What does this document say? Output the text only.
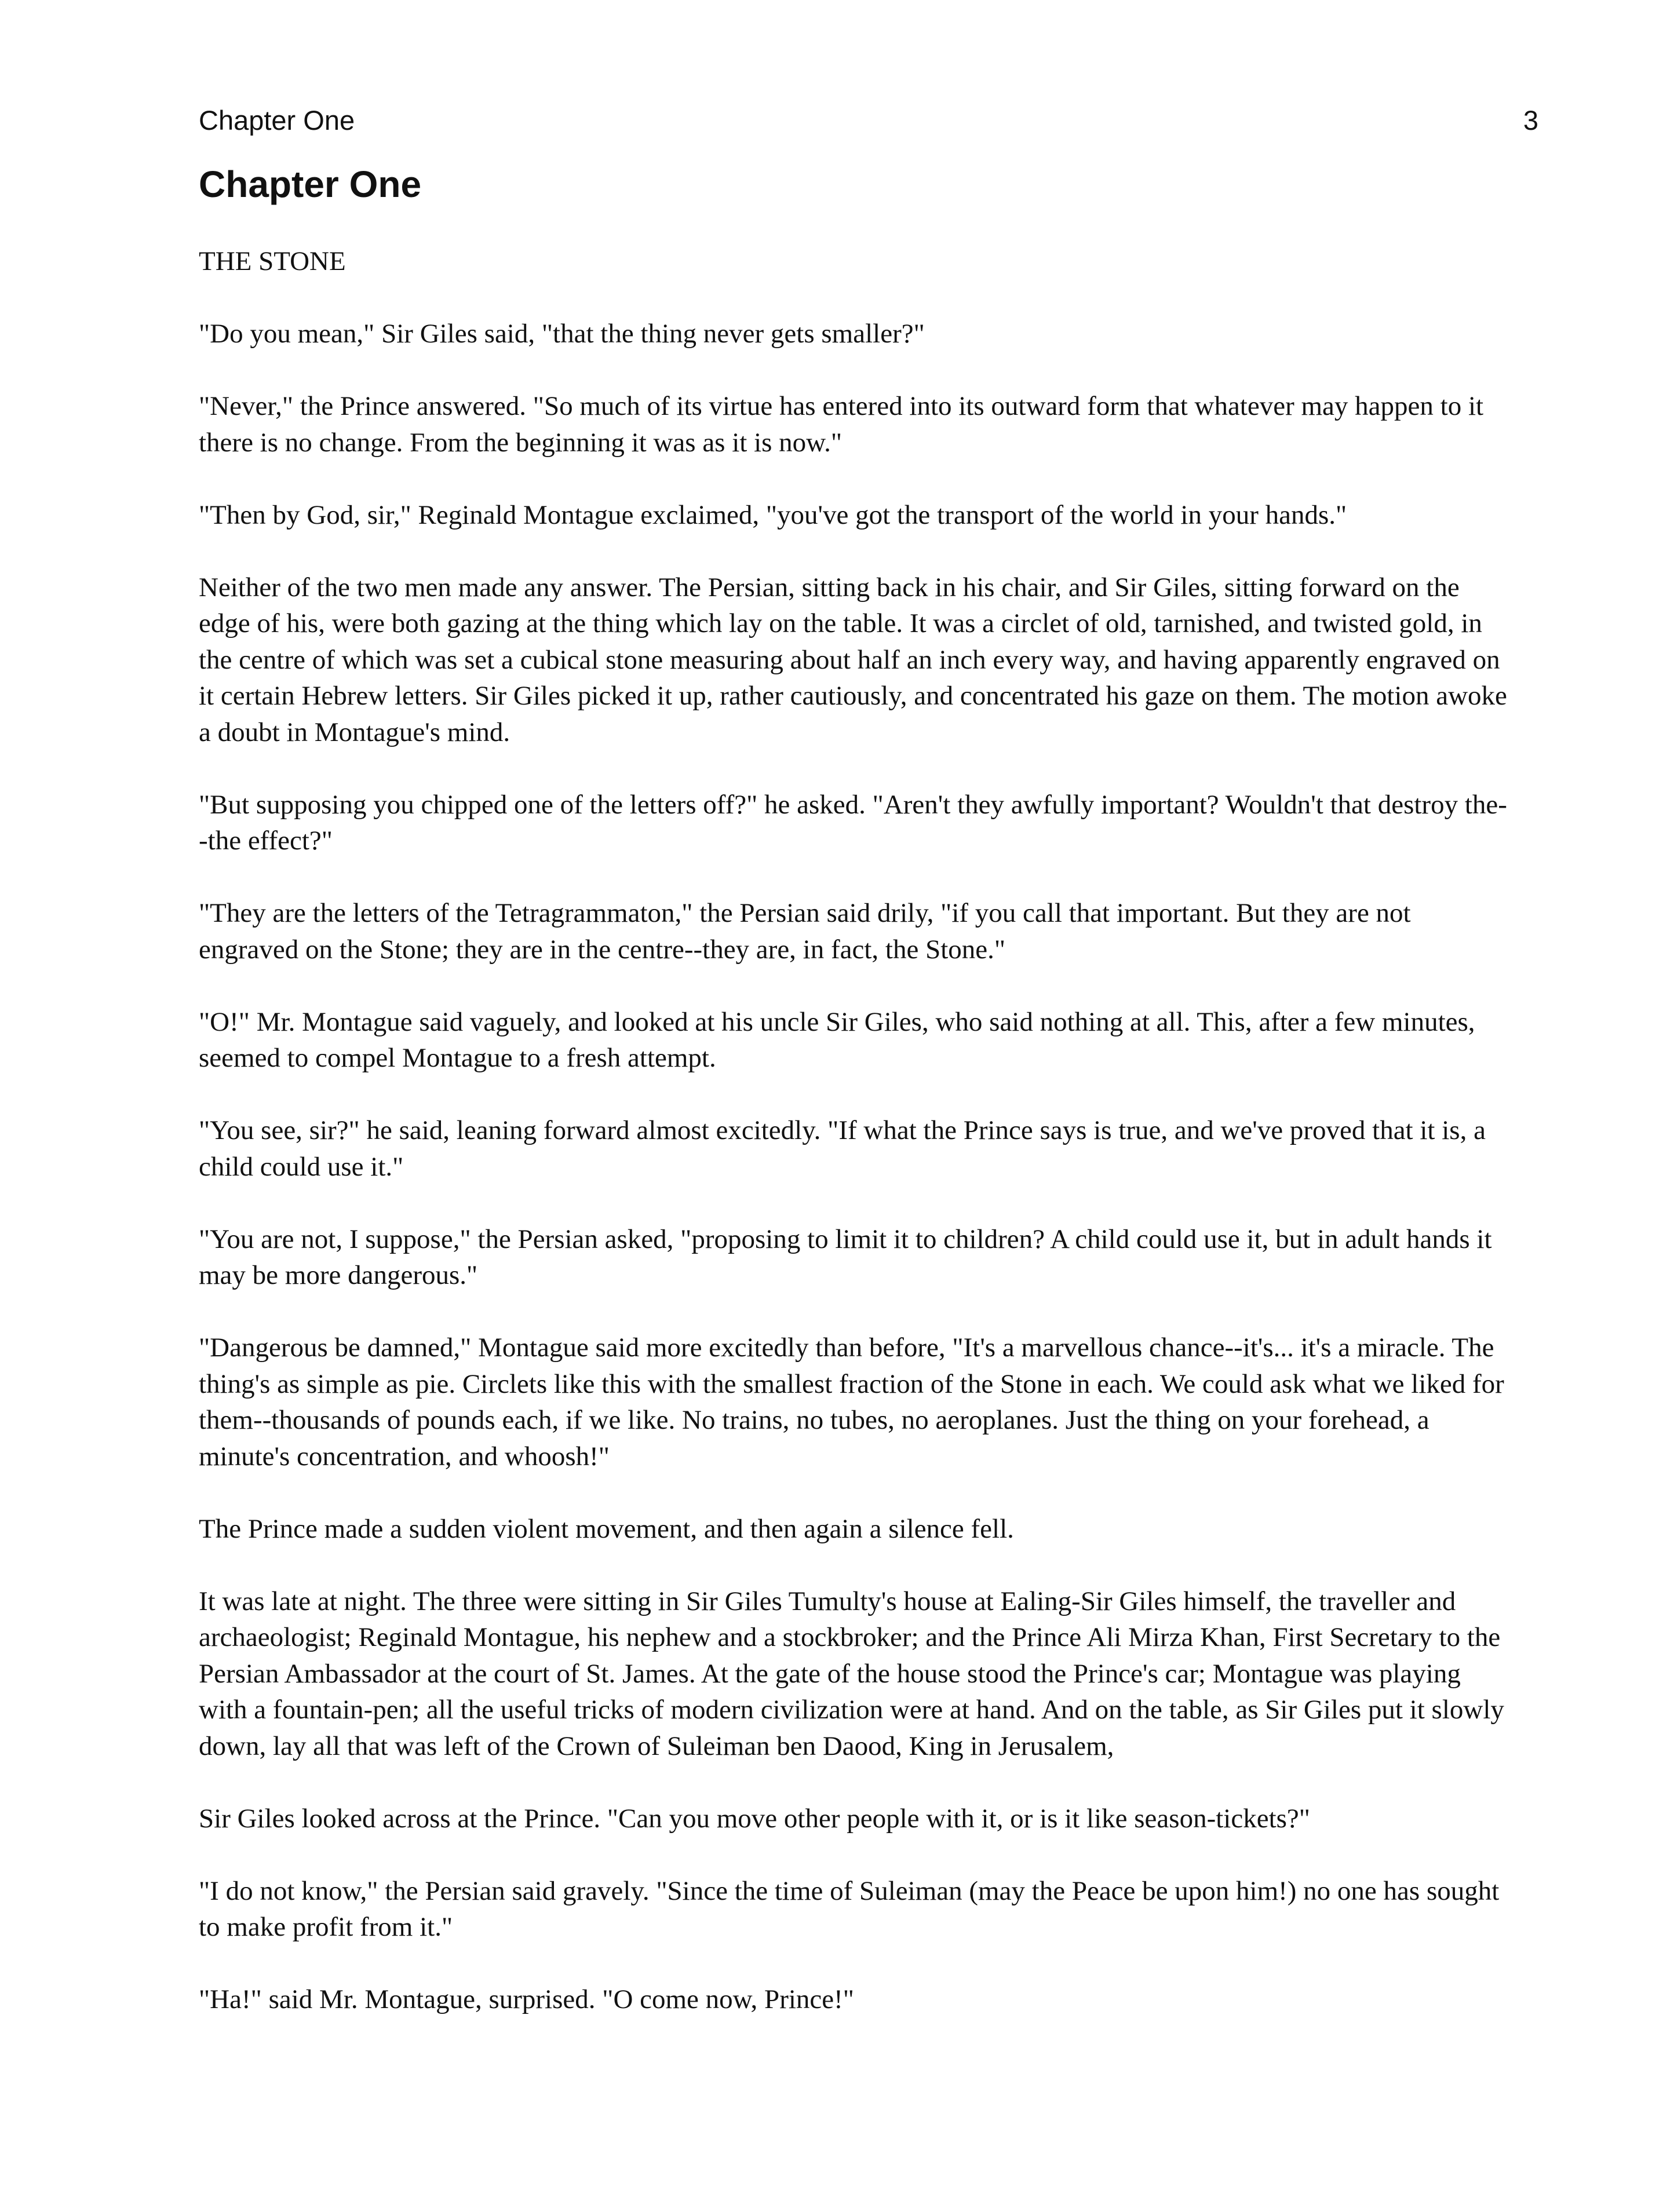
Chapter One	3
Chapter One

THE STONE

"Do you mean," Sir Giles said, "that the thing never gets smaller?"

"Never," the Prince answered. "So much of its virtue has entered into its outward form that whatever may happen to it there is no change. From the beginning it was as it is now."

"Then by God, sir," Reginald Montague exclaimed, "you've got the transport of the world in your hands."

Neither of the two men made any answer. The Persian, sitting back in his chair, and Sir Giles, sitting forward on the edge of his, were both gazing at the thing which lay on the table. It was a circlet of old, tarnished, and twisted gold, in the centre of which was set a cubical stone measuring about half an inch every way, and having apparently engraved on it certain Hebrew letters. Sir Giles picked it up, rather cautiously, and concentrated his gaze on them. The motion awoke a doubt in Montague's mind.

"But supposing you chipped one of the letters off?" he asked. "Aren't they awfully important? Wouldn't that destroy the--the effect?"

"They are the letters of the Tetragrammaton," the Persian said drily, "if you call that important. But they are not engraved on the Stone; they are in the centre--they are, in fact, the Stone."

"O!" Mr. Montague said vaguely, and looked at his uncle Sir Giles, who said nothing at all. This, after a few minutes, seemed to compel Montague to a fresh attempt.

"You see, sir?" he said, leaning forward almost excitedly. "If what the Prince says is true, and we've proved that it is, a child could use it."

"You are not, I suppose," the Persian asked, "proposing to limit it to children? A child could use it, but in adult hands it may be more dangerous."

"Dangerous be damned," Montague said more excitedly than before, "It's a marvellous chance--it's... it's a miracle. The thing's as simple as pie. Circlets like this with the smallest fraction of the Stone in each. We could ask what we liked for them--thousands of pounds each, if we like. No trains, no tubes, no aeroplanes. Just the thing on your forehead, a minute's concentration, and whoosh!"

The Prince made a sudden violent movement, and then again a silence fell.

It was late at night. The three were sitting in Sir Giles Tumulty's house at Ealing-Sir Giles himself, the traveller and archaeologist; Reginald Montague, his nephew and a stockbroker; and the Prince Ali Mirza Khan, First Secretary to the Persian Ambassador at the court of St. James. At the gate of the house stood the Prince's car; Montague was playing with a fountain-pen; all the useful tricks of modern civilization were at hand. And on the table, as Sir Giles put it slowly down, lay all that was left of the Crown of Suleiman ben Daood, King in Jerusalem,

Sir Giles looked across at the Prince. "Can you move other people with it, or is it like season-tickets?"

"I do not know," the Persian said gravely. "Since the time of Suleiman (may the Peace be upon him!) no one has sought to make profit from it."

"Ha!" said Mr. Montague, surprised. "O come now, Prince!"
